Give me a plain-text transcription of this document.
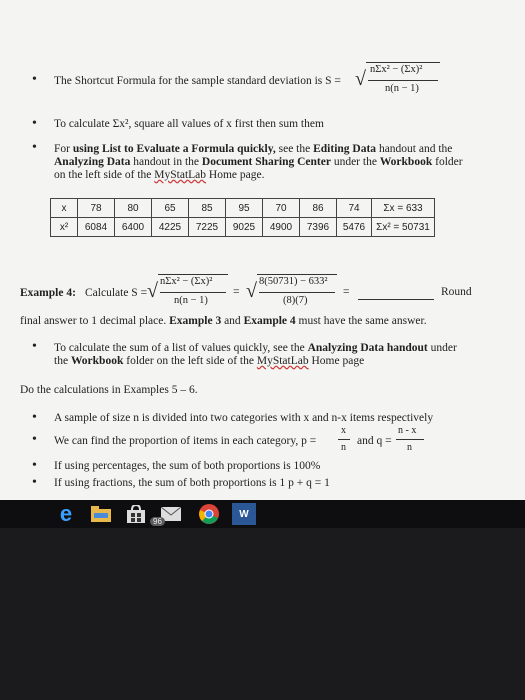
• The Shortcut Formula for the sample standard deviation is S = √ nΣx² − (Σx)²
n(n − 1)
• To calculate Σx², square all values of x first then sum them
• For using List to Evaluate a Formula quickly, see the Editing Data handout and the
Analyzing Data handout in the Document Sharing Center under the Workbook folder
on the left side of the MyStatLab Home page.
x	78	80	65	85	95	70	86	74	Σx = 633
x²	6084	6400	4225	7225	9025	4900	7396	5476	Σx² = 50731
Example 4: Calculate S = √ nΣx² − (Σx)²
n(n − 1)
= √ 8(50731) − 633²
(8)(7)
=	Round
final answer to 1 decimal place. Example 3 and Example 4 must have the same answer.
• To calculate the sum of a list of values quickly, see the Analyzing Data handout under
the Workbook folder on the left side of the MyStatLab Home page
Do the calculations in Examples 5 – 6.
• A sample of size n is divided into two categories with x and n-x items respectively
• We can find the proportion of items in each category, p =
x
n
and q =
n - x
n
• If using percentages, the sum of both proportions is 100%
• If using fractions, the sum of both proportions is 1 p + q = 1
e	96
W
